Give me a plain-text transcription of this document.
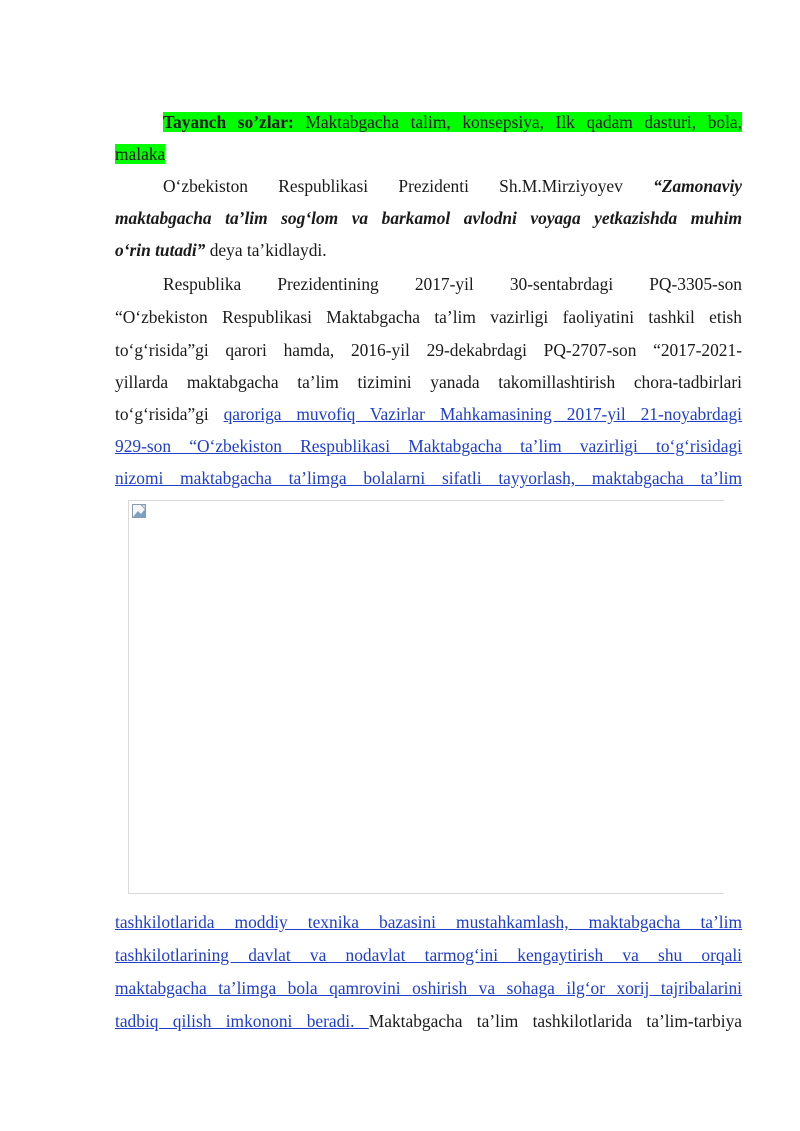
Tayanch so’zlar: Maktabgacha talim, konsepsiya, Ilk qadam dasturi, bola,
malaka
O‘zbekiston Respublikasi Prezidenti Sh.M.Mirziyoyev “Zamonaviy
maktabgacha ta’lim sog‘lom va barkamol avlodni voyaga yetkazishda muhim
o‘rin tutadi” deya ta’kidlaydi.
Respublika Prezidentining 2017-yil 30-sentabrdagi PQ-3305-son
“O‘zbekiston Respublikasi Maktabgacha ta’lim vazirligi faoliyatini tashkil etish
to‘g‘risida”gi qarori hamda, 2016-yil 29-dekabrdagi PQ-2707-son “2017-2021-
yillarda maktabgacha ta’lim tizimini yanada takomillashtirish chora-tadbirlari
to‘g‘risida”gi qaroriga muvofiq Vazirlar Mahkamasining 2017-yil 21-noyabrdagi
929-son “O‘zbekiston Respublikasi Maktabgacha ta’lim vazirligi to‘g‘risidagi
nizomi maktabgacha ta’limga bolalarni sifatli tayyorlash, maktabgacha ta’lim
tashkilotlarida moddiy texnika bazasini mustahkamlash, maktabgacha ta’lim
tashkilotlarining davlat va nodavlat tarmog‘ini kengaytirish va shu orqali
maktabgacha ta’limga bola qamrovini oshirish va sohaga ilg‘or xorij tajribalarini
tadbiq qilish imkononi beradi. Maktabgacha ta’lim tashkilotlarida ta’lim-tarbiya
